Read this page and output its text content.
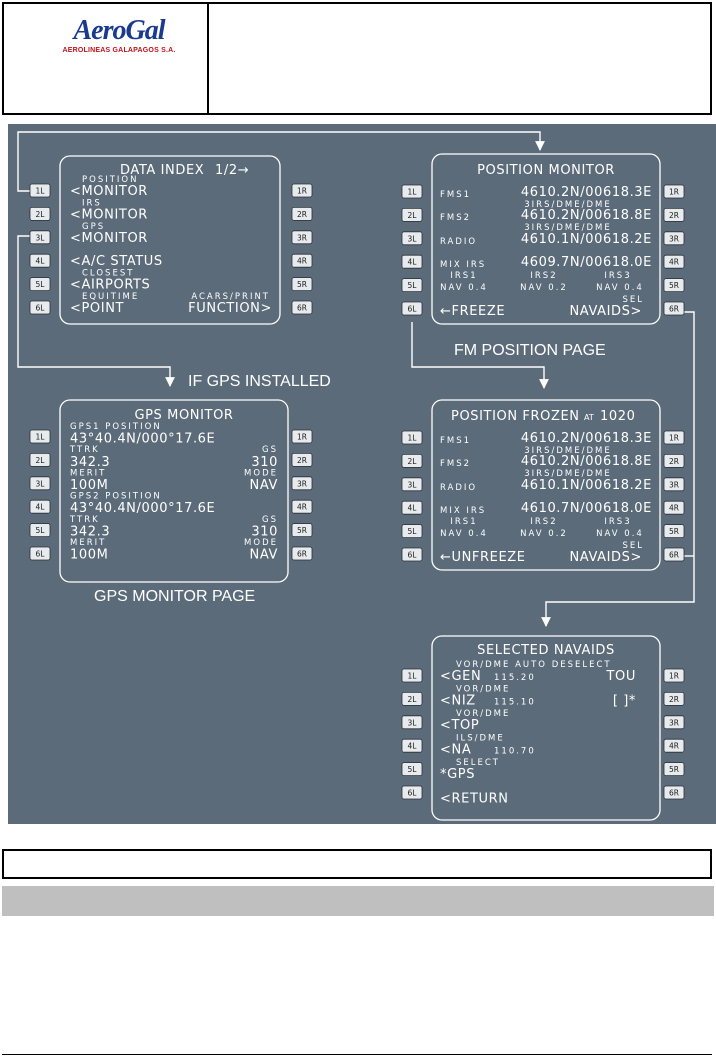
AeroGal
AEROLINEAS GALAPAGOS S.A.
IF GPS INSTALLED
FM POSITION PAGE
GPS MONITOR PAGE
1L	1R
2L	2R
3L	3R
4L	4R
5L	5R
6L	6R
DATA INDEX 1/2→
POSITION
<MONITOR
IRS
<MONITOR
GPS
<MONITOR
<A/C STATUS
CLOSEST
<AIRPORTS
EQUITIME	ACARS/PRINT
<POINT	FUNCTION>
1L	1R
2L	2R
3L	3R
4L	4R
5L	5R
6L	6R
POSITION MONITOR
FMS1	4610.2N/00618.3E
3IRS/DME/DME
FMS2	4610.2N/00618.8E
3IRS/DME/DME
RADIO	4610.1N/00618.2E
MIX IRS	4609.7N/00618.0E
IRS1	IRS2	IRS3
NAV 0.4	NAV 0.2	NAV 0.4
SEL
←FREEZE	NAVAIDS>
1L	1R
2L	2R
3L	3R
4L	4R
5L	5R
6L	6R
POSITION FROZEN AT 1020
FMS1	4610.2N/00618.3E
3IRS/DME/DME
FMS2	4610.2N/00618.8E
3IRS/DME/DME
RADIO	4610.1N/00618.2E
MIX IRS	4610.7N/00618.0E
IRS1	IRS2	IRS3
NAV 0.4	NAV 0.2	NAV 0.4
SEL
←UNFREEZE	NAVAIDS>
1L	1R
2L	2R
3L	3R
4L	4R
5L	5R
6L	6R
GPS MONITOR
GPS1 POSITION
43°40.4N/000°17.6E
TTRK	GS
342.3	310
MERIT	MODE
100M	NAV
GPS2 POSITION
43°40.4N/000°17.6E
TTRK	GS
342.3	310
MERIT	MODE
100M	NAV
1L	1R
2L	2R
3L	3R
4L	4R
5L	5R
6L	6R
SELECTED NAVAIDS
VOR/DME AUTO DESELECT
<GEN 115.20	TOU
VOR/DME
<NIZ 115.10	[ ]*
VOR/DME
<TOP
ILS/DME
<NA	110.70
SELECT
*GPS
<RETURN
